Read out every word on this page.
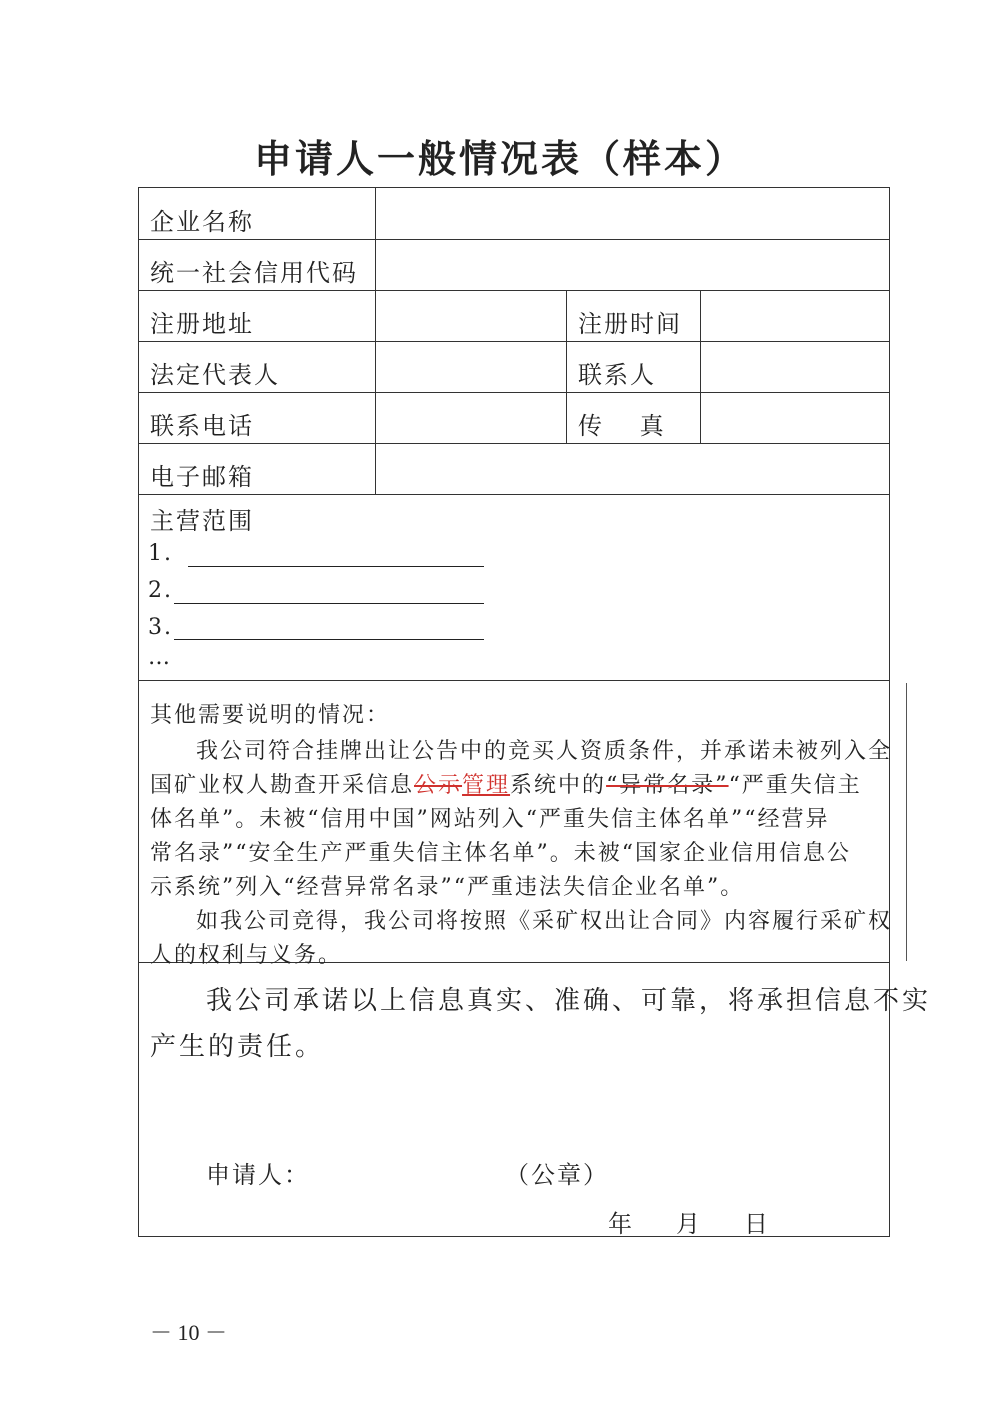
申请人一般情况表（样本）
企业名称
统一社会信用代码
注册地址	注册时间
法定代表人	联系人
联系电话	传　 真
电子邮箱
主营范围
1.
2.
3.
…
其他需要说明的情况：
我公司符合挂牌出让公告中的竞买人资质条件，并承诺未被列入全
国矿业权人勘查开采信息公示管理系统中的“异常名录”“严重失信主
体名单”。未被“信用中国”网站列入“严重失信主体名单”“经营异
常名录”“安全生产严重失信主体名单”。未被“国家企业信用信息公
示系统”列入“经营异常名录”“严重违法失信企业名单”。
如我公司竞得，我公司将按照《采矿权出让合同》内容履行采矿权
人的权利与义务。
我公司承诺以上信息真实、准确、可靠，将承担信息不实
产生的责任。
申请人：	（公章）
年 月 日
－ 10 －
